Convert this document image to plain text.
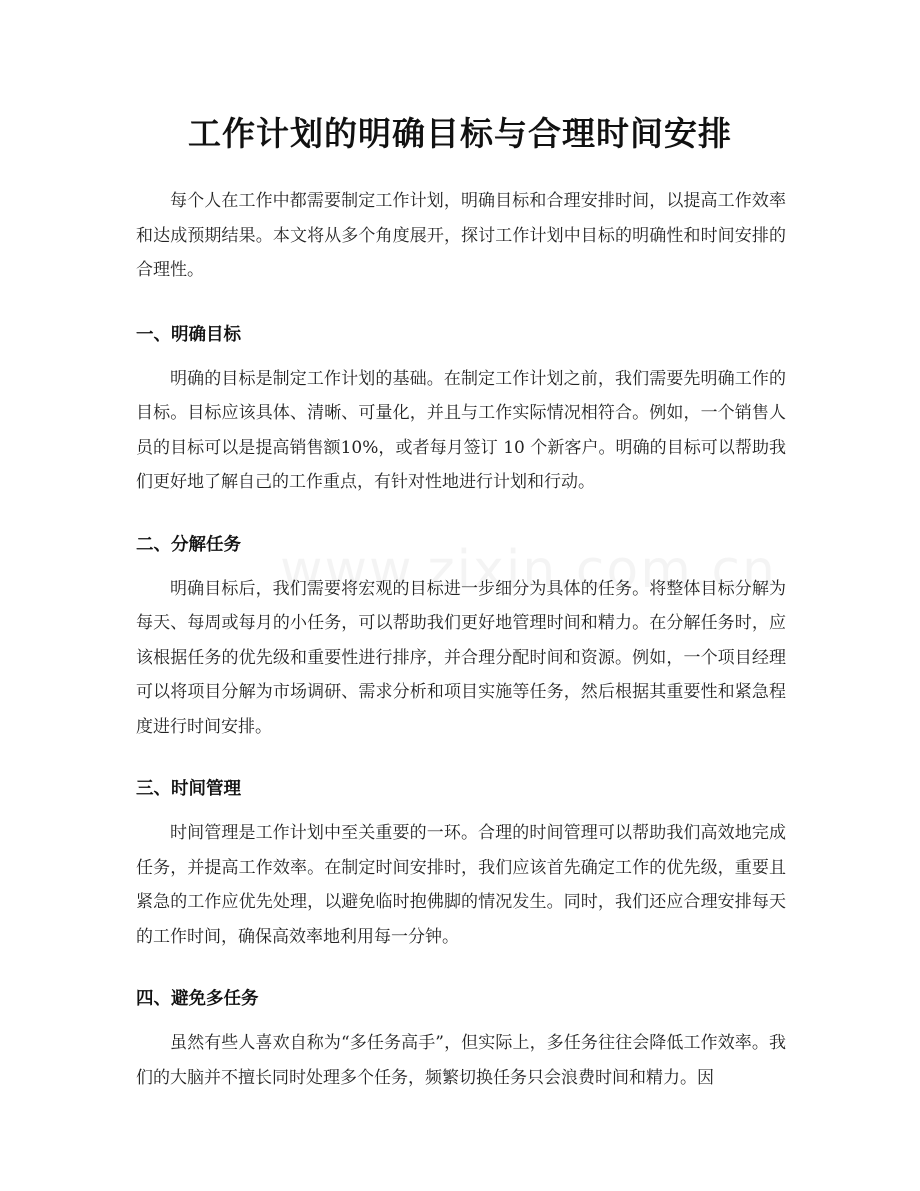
工作计划的明确目标与合理时间安排

每个人在工作中都需要制定工作计划，明确目标和合理安排时间，以提高工作效率和达成预期结果。本文将从多个角度展开，探讨工作计划中目标的明确性和时间安排的合理性。

一、明确目标

明确的目标是制定工作计划的基础。在制定工作计划之前，我们需要先明确工作的目标。目标应该具体、清晰、可量化，并且与工作实际情况相符合。例如，一个销售人员的目标可以是提高销售额10%，或者每月签订 10 个新客户。明确的目标可以帮助我们更好地了解自己的工作重点，有针对性地进行计划和行动。

二、分解任务

明确目标后，我们需要将宏观的目标进一步细分为具体的任务。将整体目标分解为每天、每周或每月的小任务，可以帮助我们更好地管理时间和精力。在分解任务时，应该根据任务的优先级和重要性进行排序，并合理分配时间和资源。例如，一个项目经理可以将项目分解为市场调研、需求分析和项目实施等任务，然后根据其重要性和紧急程度进行时间安排。

三、时间管理

时间管理是工作计划中至关重要的一环。合理的时间管理可以帮助我们高效地完成任务，并提高工作效率。在制定时间安排时，我们应该首先确定工作的优先级，重要且紧急的工作应优先处理，以避免临时抱佛脚的情况发生。同时，我们还应合理安排每天的工作时间，确保高效率地利用每一分钟。

四、避免多任务

虽然有些人喜欢自称为“多任务高手”，但实际上，多任务往往会降低工作效率。我们的大脑并不擅长同时处理多个任务，频繁切换任务只会浪费时间和精力。因
